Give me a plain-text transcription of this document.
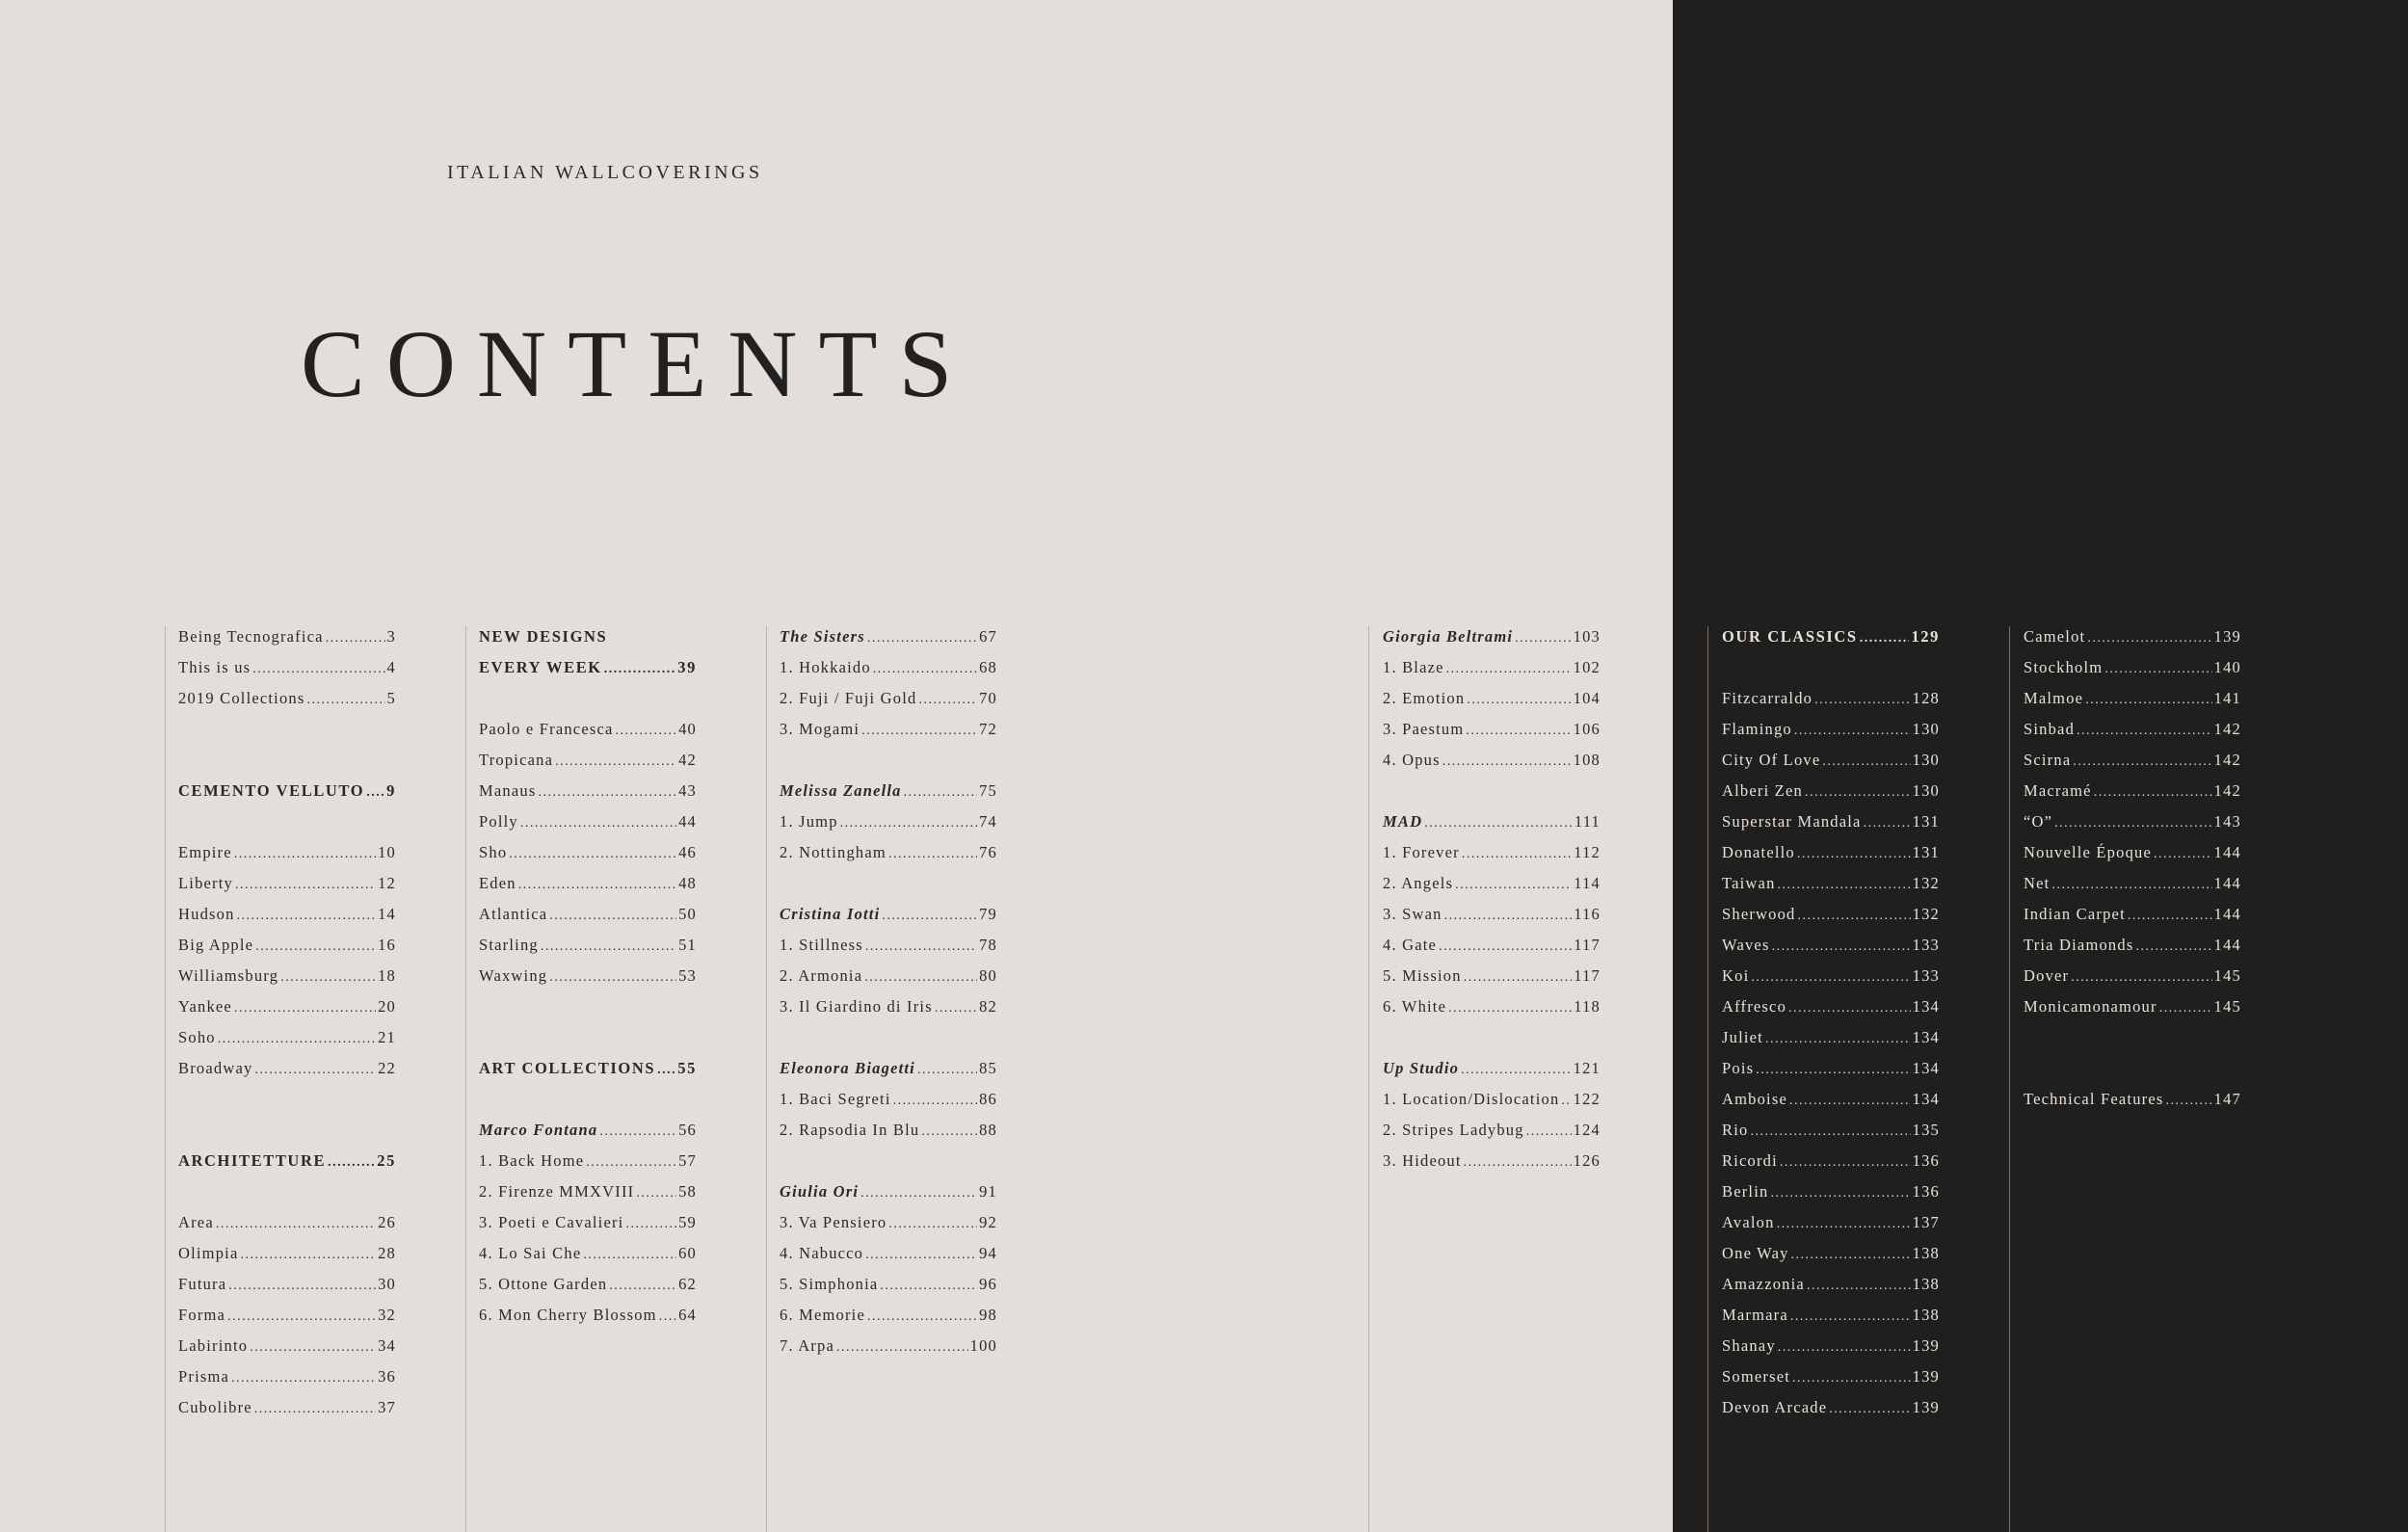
ITALIAN WALLCOVERINGS
CONTENTS
Being Tecnografica .....	3
This is us .....	4
2019 Collections .....	5
CEMENTO VELLUTO ..... 9
Empire .....	10
Liberty .....	12
Hudson .....	14
Big Apple .....	16
Williamsburg .....	18
Yankee .....	20
Soho .....	21
Broadway .....	22
ARCHITETTURE .....	25
Area .....	26
Olimpia .....	28
Futura .....	30
Forma .....	32
Labirinto .....	34
Prisma .....	36
Cubolibre .....	37
NEW DESIGNS
EVERY WEEK .....	39
Paolo e Francesca .....	40
Tropicana .....	42
Manaus .....	43
Polly .....	44
Sho .....	46
Eden .....	48
Atlantica .....	50
Starling .....	51
Waxwing .....	53
ART COLLECTIONS ..... 55
Marco Fontana .....	56
1. Back Home .....	57
2. Firenze MMXVIII .....	58
3. Poeti e Cavalieri .....	59
4. Lo Sai Che .....	60
5. Ottone Garden .....	62
6. Mon Cherry Blossom ..... 64
The Sisters .....	67
1. Hokkaido .....	68
2. Fuji / Fuji Gold .....	70
3. Mogami .....	72
Melissa Zanella .....	75
1. Jump .....	74
2. Nottingham .....	76
Cristina Iotti .....	79
1. Stillness .....	78
2. Armonia .....	80
3. Il Giardino di Iris .....	82
Eleonora Biagetti .....	85
1. Baci Segreti .....	86
2. Rapsodia In Blu .....	88
Giulia Ori .....	91
3. Va Pensiero .....	92
4. Nabucco .....	94
5. Simphonia .....	96
6. Memorie .....	98
7. Arpa .....	100
Giorgia Beltrami .....	103
1. Blaze .....	102
2. Emotion .....	104
3. Paestum .....	106
4. Opus .....	108
MAD .....	111
1. Forever .....	112
2. Angels .....	114
3. Swan .....	116
4. Gate .....	117
5. Mission .....	117
6. White .....	118
Up Studio .....	121
1. Location/Dislocation ..... 122
2. Stripes Ladybug .....	124
3. Hideout .....	126
OUR CLASSICS .....	129
Fitzcarraldo .....	128
Flamingo .....	130
City Of Love .....	130
Alberi Zen .....	130
Superstar Mandala .....	131
Donatello .....	131
Taiwan .....	132
Sherwood .....	132
Waves .....	133
Koi .....	133
Affresco .....	134
Juliet .....	134
Pois .....	134
Amboise .....	134
Rio .....	135
Ricordi .....	136
Berlin .....	136
Avalon .....	137
One Way .....	138
Amazzonia .....	138
Marmara .....	138
Shanay .....	139
Somerset .....	139
Devon Arcade .....	139
Camelot .....	139
Stockholm .....	140
Malmoe .....	141
Sinbad .....	142
Scirna .....	142
Macramé .....	142
“O” .....	143
Nouvelle Époque .....	144
Net .....	144
Indian Carpet .....	144
Tria Diamonds .....	144
Dover .....	145
Monicamonamour .....	145
Technical Features .....	147
